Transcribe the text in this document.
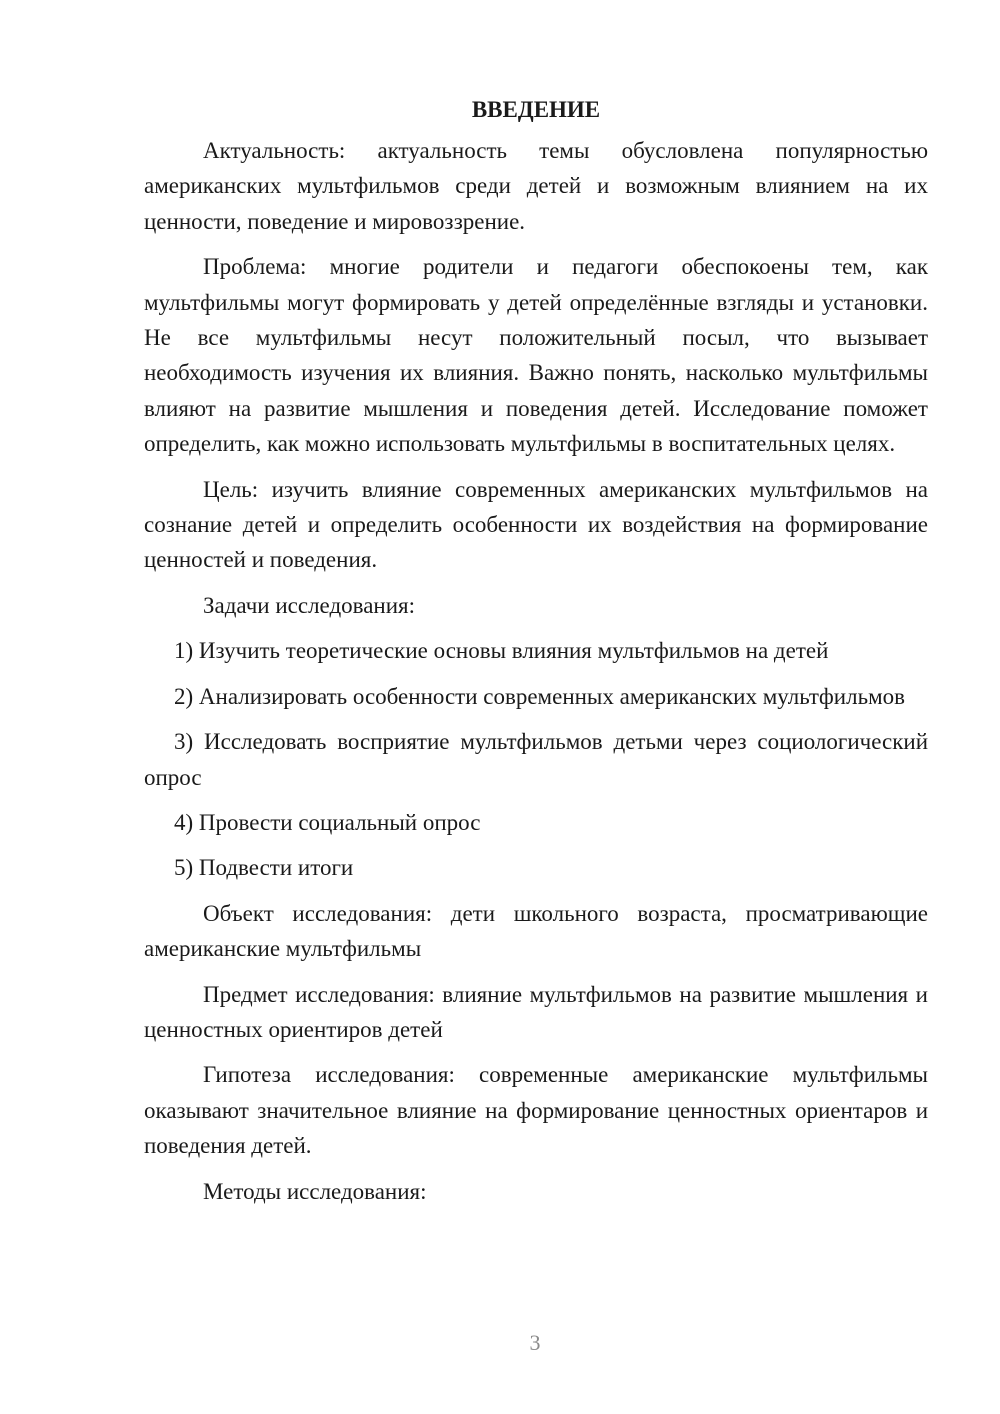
ВВЕДЕНИЕ

Актуальность: актуальность темы обусловлена популярностью американских мультфильмов среди детей и возможным влиянием на их ценности, поведение и мировоззрение.

Проблема: многие родители и педагоги обеспокоены тем, как мультфильмы могут формировать у детей определённые взгляды и установки. Не все мультфильмы несут положительный посыл, что вызывает необходимость изучения их влияния. Важно понять, насколько мультфильмы влияют на развитие мышления и поведения детей. Исследование поможет определить, как можно использовать мультфильмы в воспитательных целях.

Цель: изучить влияние современных американских мультфильмов на сознание детей и определить особенности их воздействия на формирование ценностей и поведения.

Задачи исследования:

1) Изучить теоретические основы влияния мультфильмов на детей

2) Анализировать особенности современных американских мультфильмов

3) Исследовать восприятие мультфильмов детьми через социологический опрос

4) Провести социальный опрос

5) Подвести итоги

Объект исследования: дети школьного возраста, просматривающие американские мультфильмы

Предмет исследования: влияние мультфильмов на развитие мышления и ценностных ориентиров детей

Гипотеза исследования: современные американские мультфильмы оказывают значительное влияние на формирование ценностных ориентаров и поведения детей.

Методы исследования:

3
